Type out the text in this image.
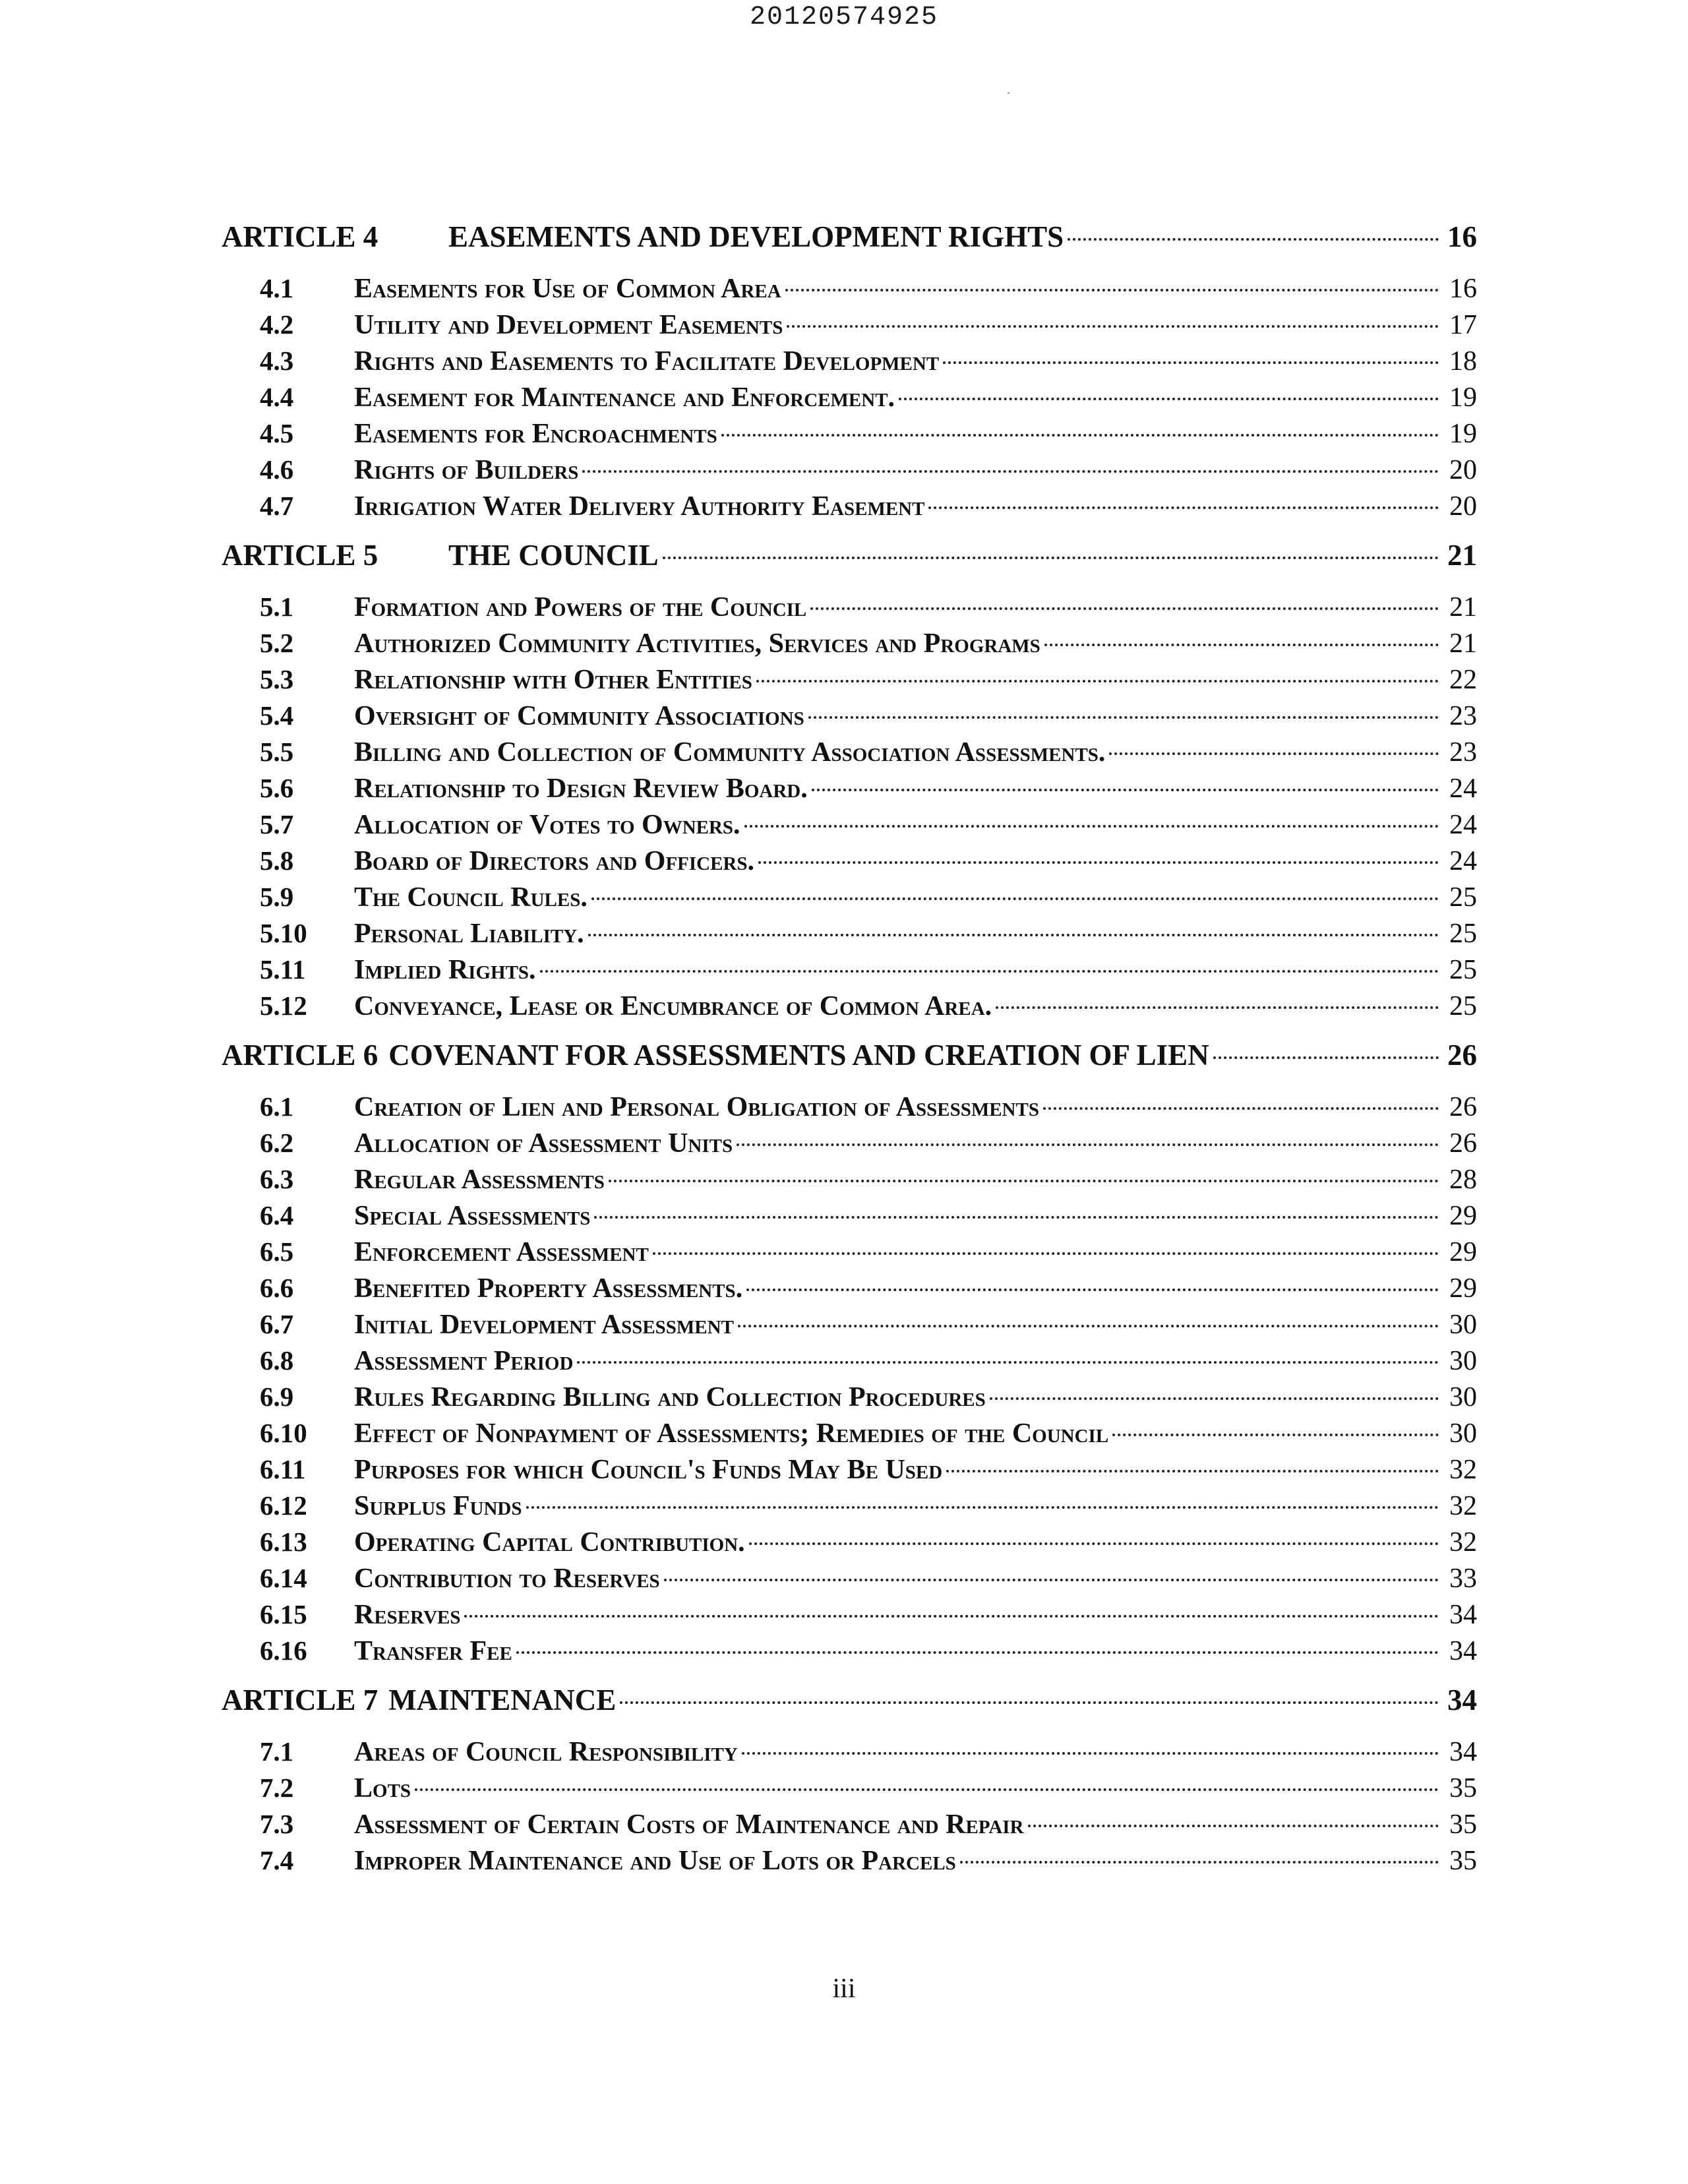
20120574925
ARTICLE 4	EASEMENTS AND DEVELOPMENT RIGHTS	16
4.1	Easements for Use of Common Area	16
4.2	Utility and Development Easements	17
4.3	Rights and Easements to Facilitate Development	18
4.4	Easement for Maintenance and Enforcement.	19
4.5	Easements for Encroachments	19
4.6	Rights of Builders	20
4.7	Irrigation Water Delivery Authority Easement	20
ARTICLE 5	THE COUNCIL	21
5.1	Formation and Powers of the Council	21
5.2	Authorized Community Activities, Services and Programs	21
5.3	Relationship with Other Entities	22
5.4	Oversight of Community Associations	23
5.5	Billing and Collection of Community Association Assessments.	23
5.6	Relationship to Design Review Board.	24
5.7	Allocation of Votes to Owners.	24
5.8	Board of Directors and Officers.	24
5.9	The Council Rules.	25
5.10	Personal Liability.	25
5.11	Implied Rights.	25
5.12	Conveyance, Lease or Encumbrance of Common Area.	25
ARTICLE 6 COVENANT FOR ASSESSMENTS AND CREATION OF LIEN	26
6.1	Creation of Lien and Personal Obligation of Assessments	26
6.2	Allocation of Assessment Units	26
6.3	Regular Assessments	28
6.4	Special Assessments	29
6.5	Enforcement Assessment	29
6.6	Benefited Property Assessments.	29
6.7	Initial Development Assessment	30
6.8	Assessment Period	30
6.9	Rules Regarding Billing and Collection Procedures	30
6.10	Effect of Nonpayment of Assessments; Remedies of the Council	30
6.11	Purposes for which Council's Funds May Be Used	32
6.12	Surplus Funds	32
6.13	Operating Capital Contribution.	32
6.14	Contribution to Reserves	33
6.15	Reserves	34
6.16	Transfer Fee	34
ARTICLE 7 MAINTENANCE	34
7.1	Areas of Council Responsibility	34
7.2	Lots	35
7.3	Assessment of Certain Costs of Maintenance and Repair	35
7.4	Improper Maintenance and Use of Lots or Parcels	35
iii
